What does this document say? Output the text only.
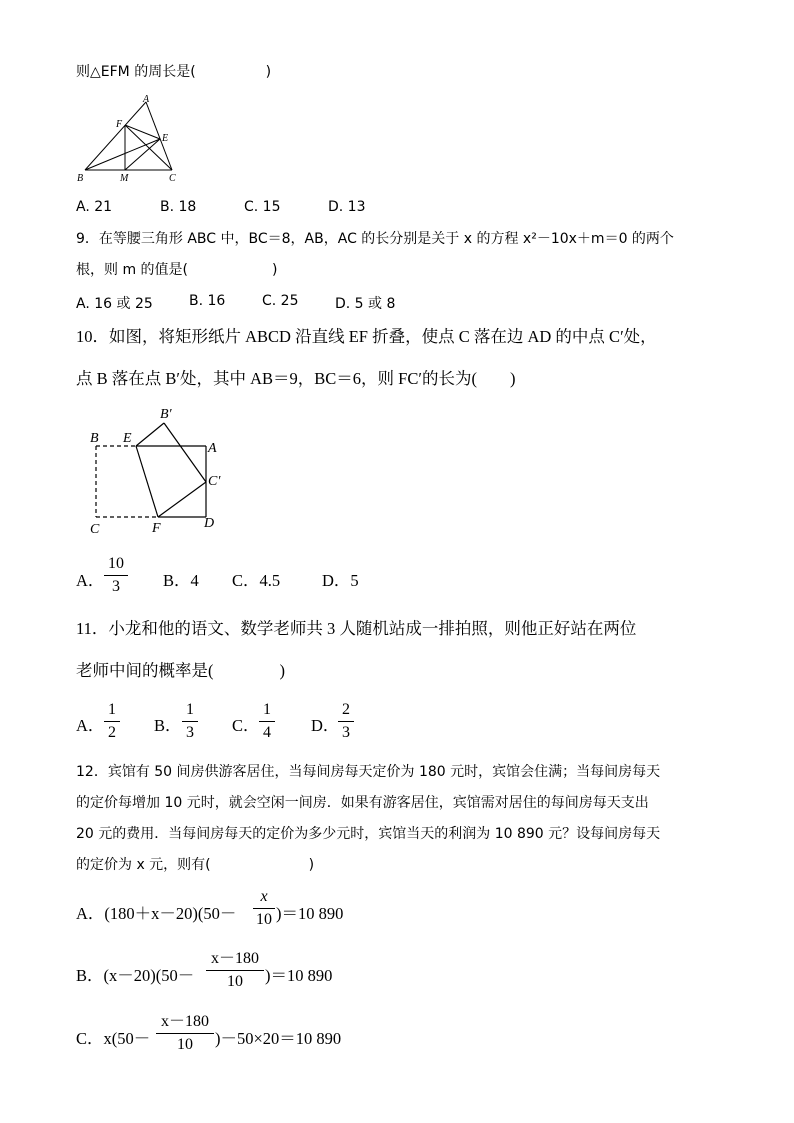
则△EFM 的周长是(　　　　　)
A
F
E
B	M	C
A. 21	B. 18	C. 15	D. 13
9．在等腰三角形 ABC 中，BC＝8，AB，AC 的长分别是关于 x 的方程 x²－10x＋m＝0 的两个
根，则 m 的值是(　　　　　　)
A. 16 或 25	B. 16	C. 25	D. 5 或 8
10．如图，将矩形纸片 ABCD 沿直线 EF 折叠，使点 C 落在边 AD 的中点 C′处，
点 B 落在点 B′处，其中 AB＝9，BC＝6，则 FC′的长为(　　)
B′
B E
A
C′
C	F	D
A．
10
3	B．4 C．4.5	D．5
11．小龙和他的语文、数学老师共 3 人随机站成一排拍照，则他正好站在两位
老师中间的概率是(　　　　)
A．
1
2 B．
1
3 C．
1
4 D．
2
3
12．宾馆有 50 间房供游客居住，当每间房每天定价为 180 元时，宾馆会住满；当每间房每天
的定价每增加 10 元时，就会空闲一间房．如果有游客居住，宾馆需对居住的每间房每天支出
20 元的费用．当每间房每天的定价为多少元时，宾馆当天的利润为 10 890 元？设每间房每天
的定价为 x 元，则有(　　　　　　　)
A．(180＋x－20)(50－
x
10 )＝10 890
B．(x－20)(50－
x－180
10	)＝10 890
C．x(50－
x－180
10	)－50×20＝10 890
